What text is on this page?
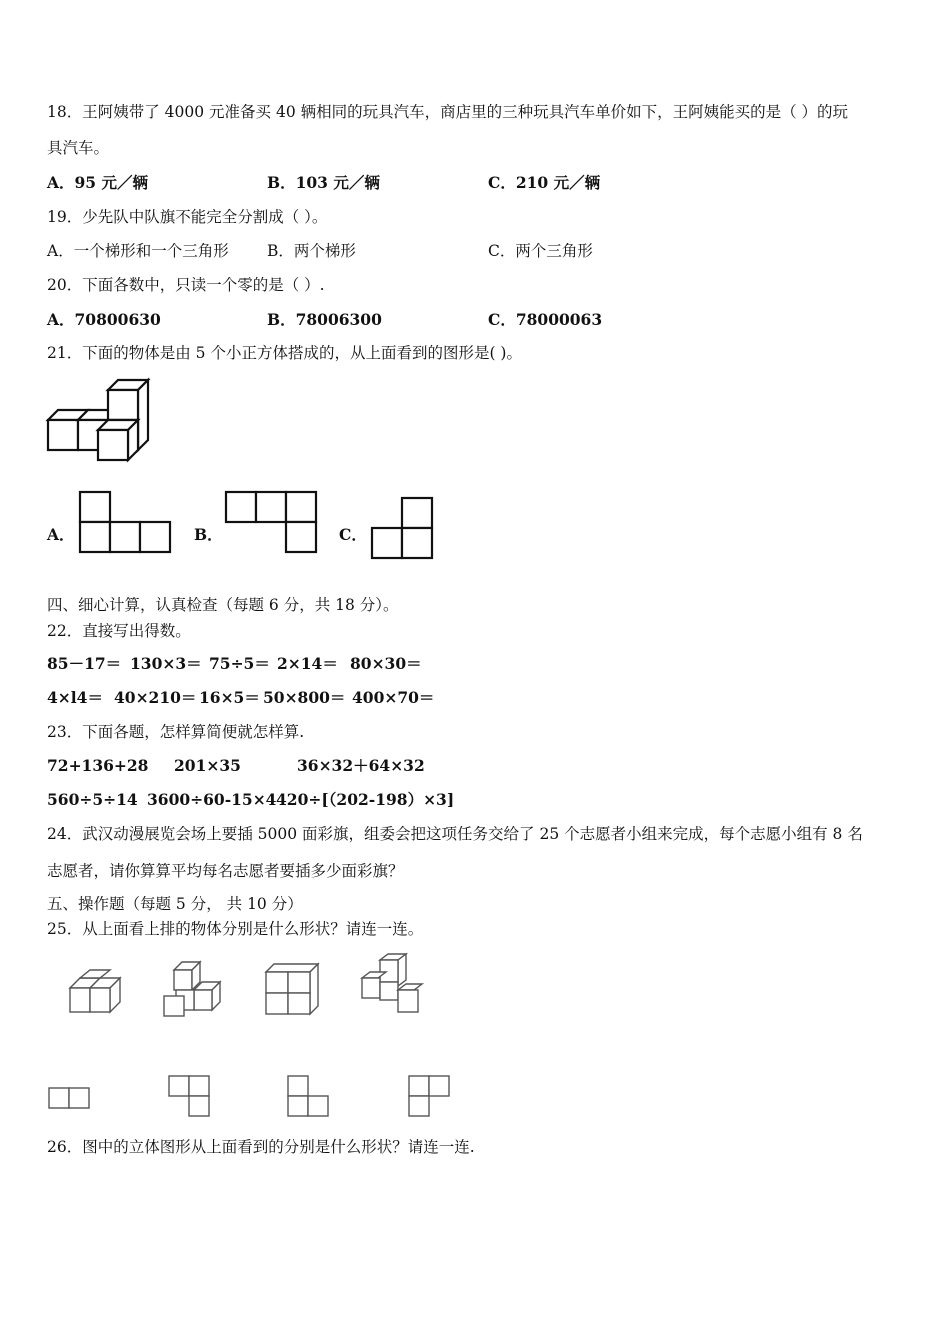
18．王阿姨带了 4000 元准备买 40 辆相同的玩具汽车，商店里的三种玩具汽车单价如下，王阿姨能买的是（ ）的玩
具汽车。
A．95 元／辆	B．103 元／辆	C．210 元／辆
19．少先队中队旗不能完全分割成（ ）。
A．一个梯形和一个三角形 B．两个梯形	C．两个三角形
20．下面各数中，只读一个零的是（ ）.
A．70800630	B．78006300	C．78000063
21．下面的物体是由 5 个小正方体搭成的，从上面看到的图形是( )。
A．	B．	C．
四、细心计算，认真检查（每题 6 分，共 18 分）。
22．直接写出得数。
85－17＝ 130×3＝ 75÷5＝ 2×14＝ 80×30＝
4×l4＝ 40×210＝ 16×5＝ 50×800＝ 400×70＝
23．下面各题，怎样算简便就怎样算.
72+136+28 201×35	36×32＋64×32
560÷5÷14 3600÷60-15×4 420÷[（202-198）×3]
24．武汉动漫展览会场上要插 5000 面彩旗，组委会把这项任务交给了 25 个志愿者小组来完成，每个志愿小组有 8 名
志愿者，请你算算平均每名志愿者要插多少面彩旗？
五、操作题（每题 5 分， 共 10 分）
25．从上面看上排的物体分别是什么形状？请连一连。
26．图中的立体图形从上面看到的分别是什么形状？请连一连.
